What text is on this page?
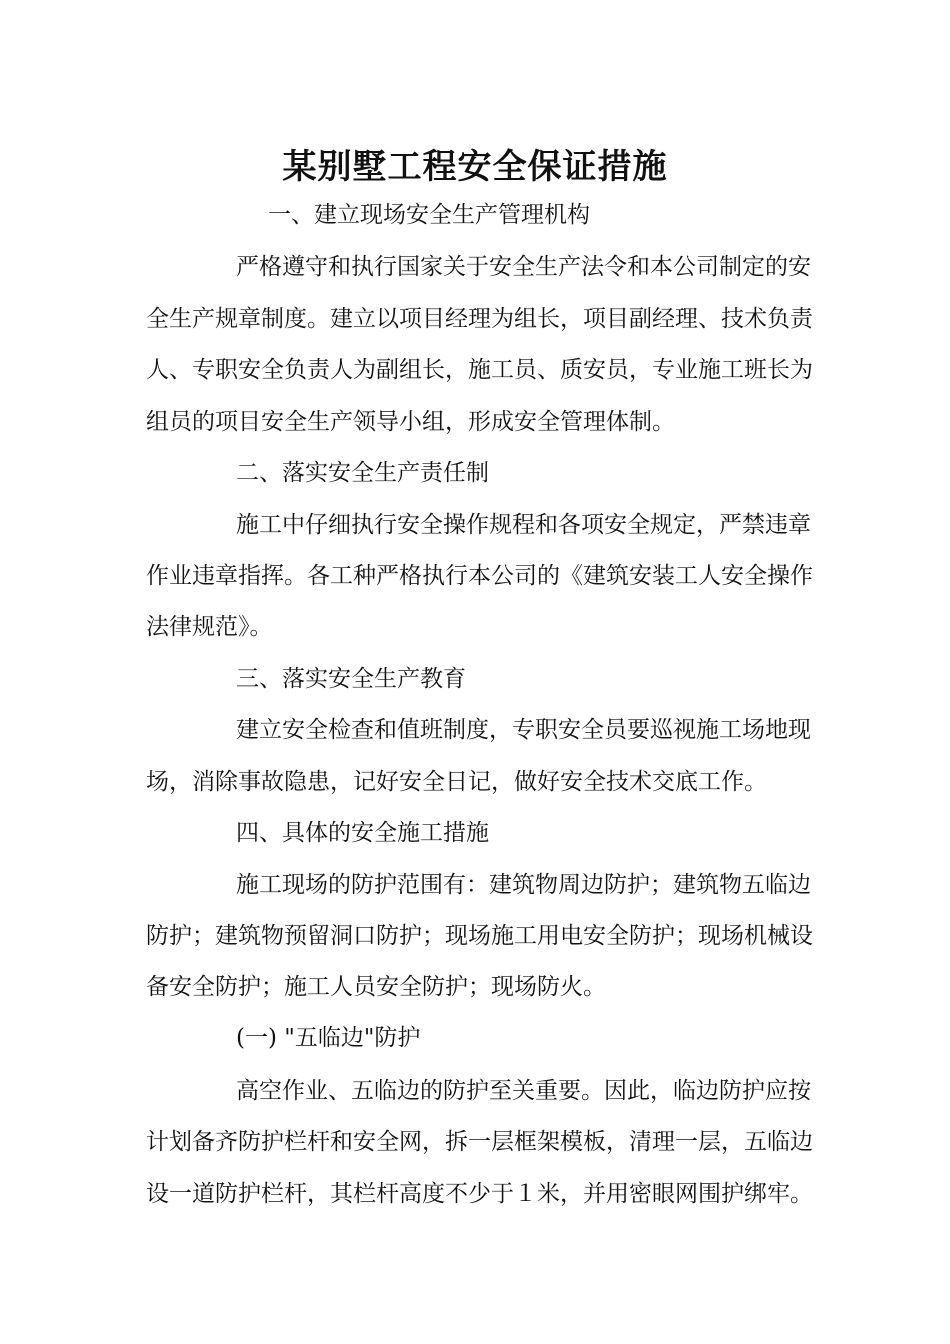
某别墅工程安全保证措施
一、建立现场安全生产管理机构
严格遵守和执行国家关于安全生产法令和本公司制定的安
全生产规章制度。建立以项目经理为组长，项目副经理、技术负责
人、专职安全负责人为副组长，施工员、质安员，专业施工班长为
组员的项目安全生产领导小组，形成安全管理体制。
二、落实安全生产责任制
施工中仔细执行安全操作规程和各项安全规定，严禁违章
作业违章指挥。各工种严格执行本公司的《建筑安装工人安全操作
法律规范》。
三、落实安全生产教育
建立安全检查和值班制度，专职安全员要巡视施工场地现
场，消除事故隐患，记好安全日记，做好安全技术交底工作。
四、具体的安全施工措施
施工现场的防护范围有：建筑物周边防护；建筑物五临边
防护；建筑物预留洞口防护；现场施工用电安全防护；现场机械设
备安全防护；施工人员安全防护；现场防火。
(一) "五临边"防护
高空作业、五临边的防护至关重要。因此，临边防护应按
计划备齐防护栏杆和安全网，拆一层框架模板，清理一层，五临边
设一道防护栏杆，其栏杆高度不少于１米，并用密眼网围护绑牢。
